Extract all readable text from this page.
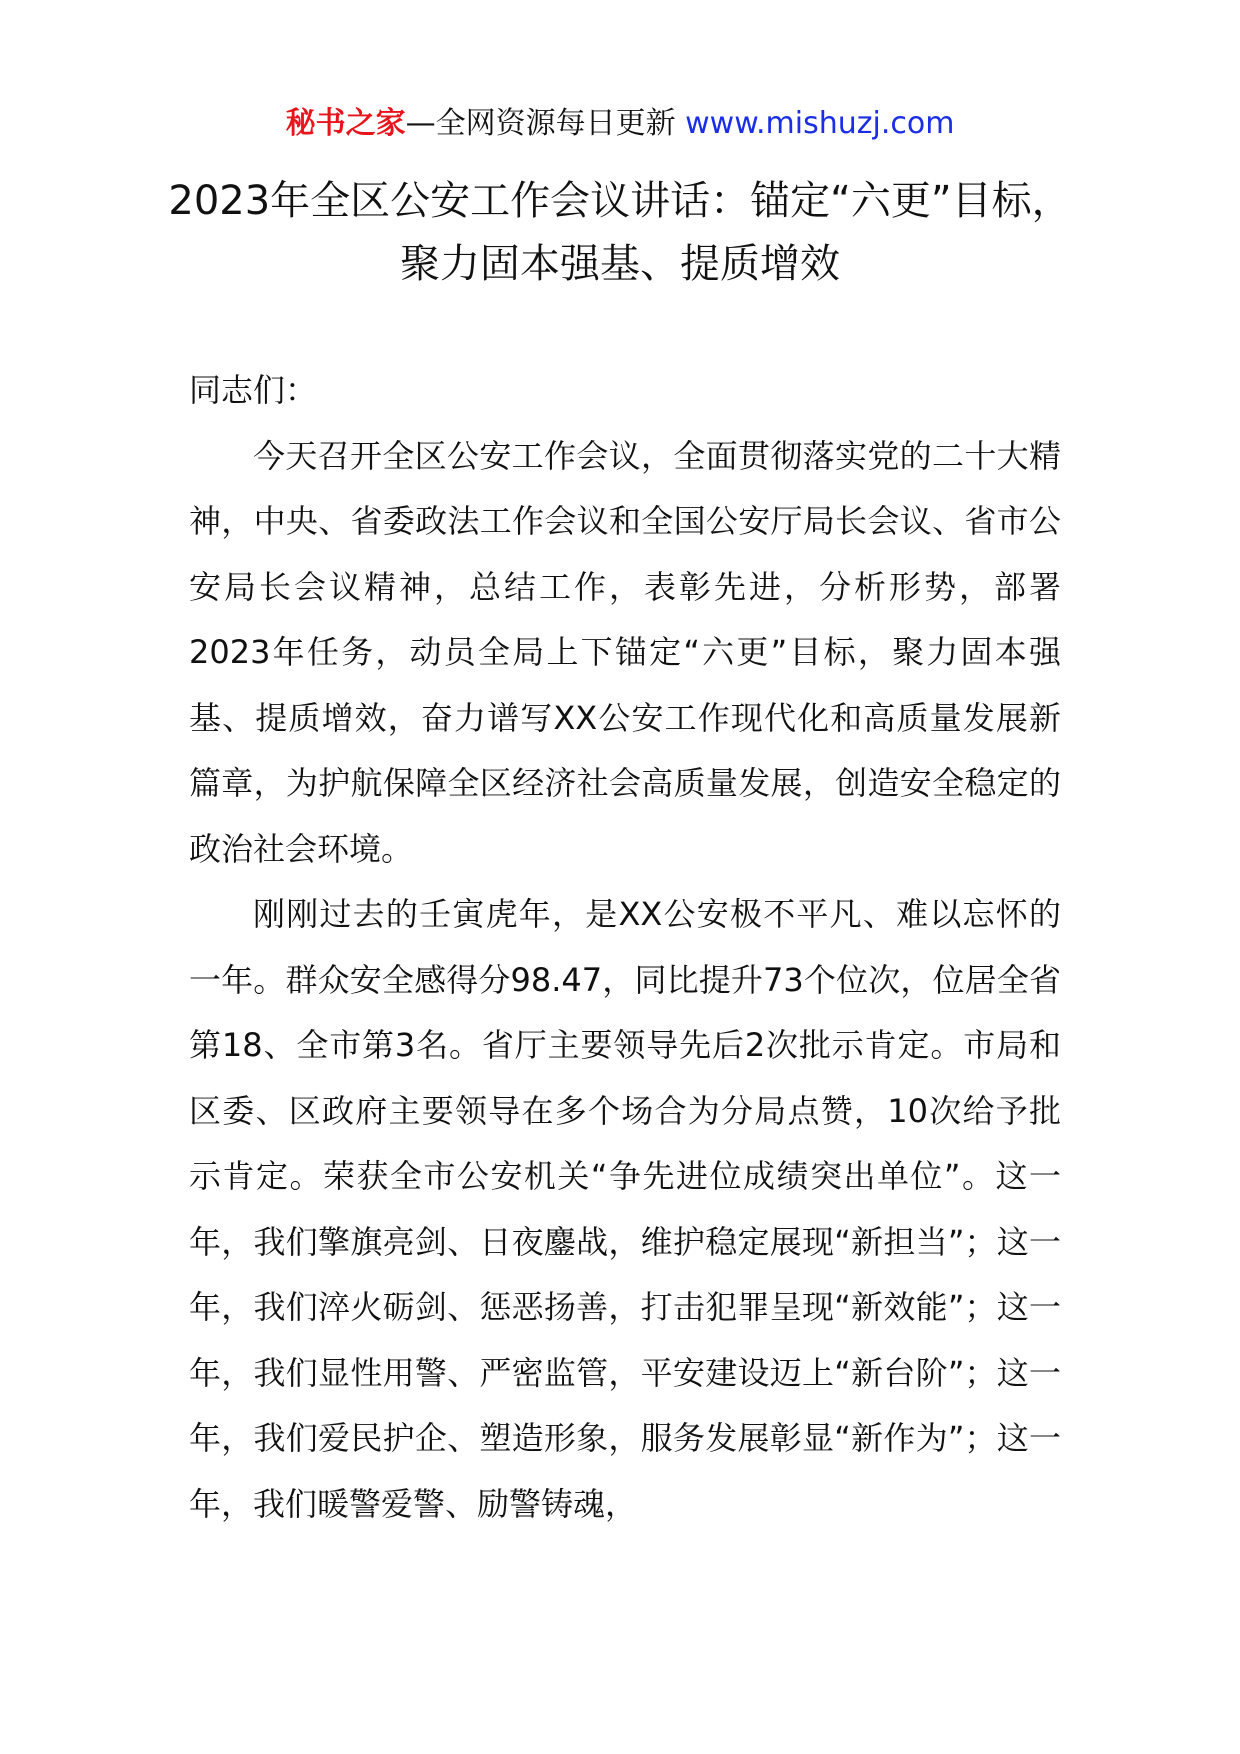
秘书之家—全网资源每日更新 www.mishuzj.com
2023年全区公安工作会议讲话：锚定“六更”目标，聚力固本强基、提质增效

同志们：

今天召开全区公安工作会议，全面贯彻落实党的二十大精神，中央、省委政法工作会议和全国公安厅局长会议、省市公安局长会议精神，总结工作，表彰先进，分析形势，部署2023年任务，动员全局上下锚定“六更”目标，聚力固本强基、提质增效，奋力谱写XX公安工作现代化和高质量发展新篇章，为护航保障全区经济社会高质量发展，创造安全稳定的政治社会环境。

刚刚过去的壬寅虎年，是XX公安极不平凡、难以忘怀的一年。群众安全感得分98.47，同比提升73个位次，位居全省第18、全市第3名。省厅主要领导先后2次批示肯定。市局和区委、区政府主要领导在多个场合为分局点赞，10次给予批示肯定。荣获全市公安机关“争先进位成绩突出单位”。这一年，我们擎旗亮剑、日夜鏖战，维护稳定展现“新担当”；这一年，我们淬火砺剑、惩恶扬善，打击犯罪呈现“新效能”；这一年，我们显性用警、严密监管，平安建设迈上“新台阶”；这一年，我们爱民护企、塑造形象，服务发展彰显“新作为”；这一年，我们暖警爱警、励警铸魂，
